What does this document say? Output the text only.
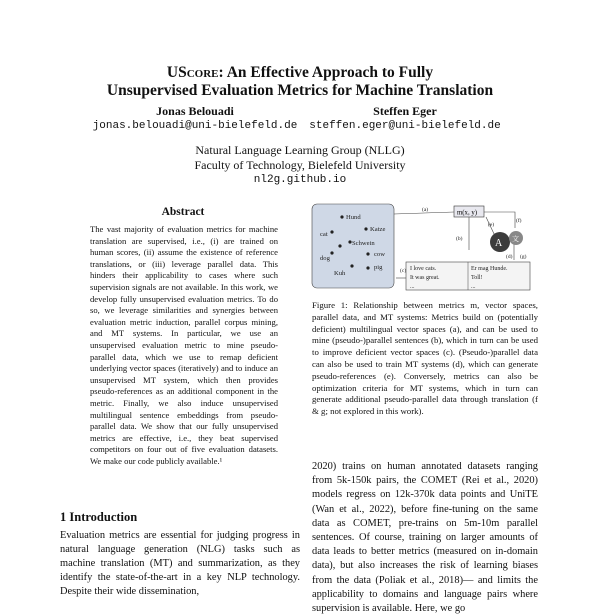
UScore: An Effective Approach to Fully
Unsupervised Evaluation Metrics for Machine Translation
Jonas Belouadi
jonas.belouadi@uni-bielefeld.de
Steffen Eger
steffen.eger@uni-bielefeld.de
Natural Language Learning Group (NLLG)
Faculty of Technology, Bielefeld University
nl2g.github.io
Abstract
The vast majority of evaluation metrics for machine translation are supervised, i.e., (i) are trained on human scores, (ii) assume the existence of reference translations, or (iii) leverage parallel data. This hinders their applicability to cases where such supervision signals are not available. In this work, we develop fully unsupervised evaluation metrics. To do so, we leverage similarities and synergies between evaluation metric induction, parallel corpus mining, and MT systems. In particular, we use an unsupervised evaluation metric to mine pseudo-parallel data, which we use to remap deficient underlying vector spaces (iteratively) and to induce an unsupervised MT system, which then provides pseudo-references as an additional component in the metric. Finally, we also induce unsupervised multilingual sentence embeddings from pseudo-parallel data. We show that our fully unsupervised metrics are effective, i.e., they beat supervised competitors on four out of five evaluation datasets. We make our code publicly available.¹
1 Introduction
Evaluation metrics are essential for judging progress in natural language generation (NLG) tasks such as machine translation (MT) and summarization, as they identify the state-of-the-art in a key NLP technology. Despite their wide dissemination,
Hund
cat
Katze
Schwein
dog
cow
Kuh
pig
m(x, y)
(a)
(b)
(c)
(d)
(e)
(f)
(g)
A 文
I love cats.	Er mag Hunde.
It was great.	Toll!
...	...
Figure 1: Relationship between metrics m, vector spaces, parallel data, and MT systems: Metrics build on (potentially deficient) multilingual vector spaces (a), and can be used to mine (pseudo-)parallel sentences (b), which in turn can be used to improve deficient vector spaces (c). (Pseudo-)parallel data can also be used to train MT systems (d), which can generate pseudo-references (e). Conversely, metrics can also be optimization criteria for MT systems, which in turn can generate additional pseudo-parallel data through translation (f & g; not explored in this work).
2020) trains on human annotated datasets ranging from 5k-150k pairs, the COMET (Rei et al., 2020) models regress on 12k-370k data points and UniTE (Wan et al., 2022), before fine-tuning on the same data as COMET, pre-trains on 5m-10m parallel sentences. Of course, training on larger amounts of data leads to better metrics (measured on in-domain data), but also increases the risk of learning biases from the data (Poliak et al., 2018)— and limits the applicability to domains and language pairs where supervision is available. Here, we go
